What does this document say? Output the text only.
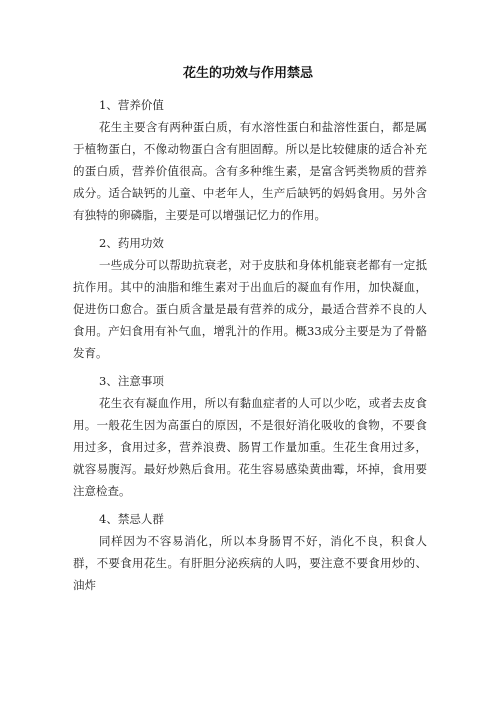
花生的功效与作用禁忌

1、营养价值

花生主要含有两种蛋白质，有水溶性蛋白和盐溶性蛋白，都是属于植物蛋白，不像动物蛋白含有胆固醇。所以是比较健康的适合补充的蛋白质，营养价值很高。含有多种维生素，是富含钙类物质的营养成分。适合缺钙的儿童、中老年人，生产后缺钙的妈妈食用。另外含有独特的卵磷脂，主要是可以增强记忆力的作用。

2、药用功效

一些成分可以帮助抗衰老，对于皮肤和身体机能衰老都有一定抵抗作用。其中的油脂和维生素对于出血后的凝血有作用，加快凝血，促进伤口愈合。蛋白质含量是最有营养的成分，最适合营养不良的人食用。产妇食用有补气血，增乳汁的作用。概33成分主要是为了骨骼发育。

3、注意事项

花生衣有凝血作用，所以有黏血症者的人可以少吃，或者去皮食用。一般花生因为高蛋白的原因，不是很好消化吸收的食物，不要食用过多，食用过多，营养浪费、肠胃工作量加重。生花生食用过多，就容易腹泻。最好炒熟后食用。花生容易感染黄曲霉，坏掉，食用要注意检查。

4、禁忌人群

同样因为不容易消化，所以本身肠胃不好，消化不良，积食人群，不要食用花生。有肝胆分泌疾病的人吗，要注意不要食用炒的、油炸
